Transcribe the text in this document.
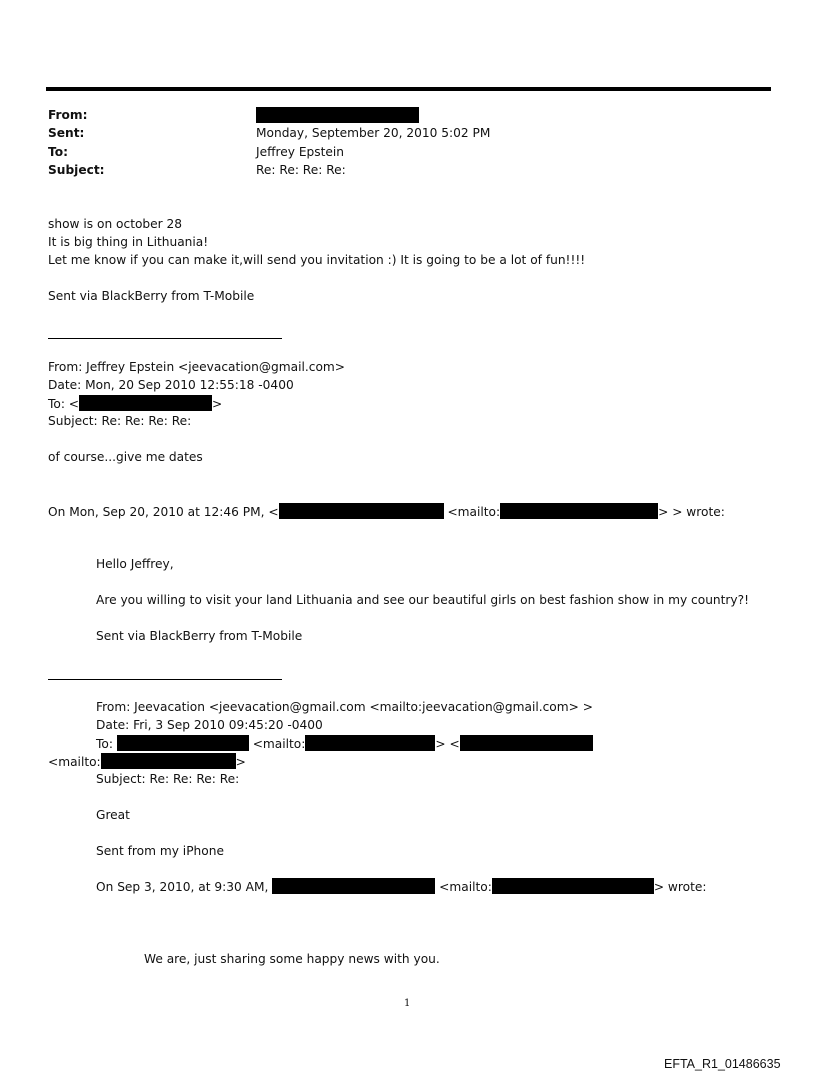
From:
Sent:	Monday, September 20, 2010 5:02 PM
To:	Jeffrey Epstein
Subject:	Re: Re: Re: Re:
show is on october 28
It is big thing in Lithuania!
Let me know if you can make it,will send you invitation :) It is going to be a lot of fun!!!!
Sent via BlackBerry from T-Mobile
From: Jeffrey Epstein <jeevacation@gmail.com>
Date: Mon, 20 Sep 2010 12:55:18 -0400
To: <	>
Subject: Re: Re: Re: Re:
of course...give me dates
On Mon, Sep 20, 2010 at 12:46 PM, <	<mailto:	> > wrote:
Hello Jeffrey,
Are you willing to visit your land Lithuania and see our beautiful girls on best fashion show in my country?!
Sent via BlackBerry from T-Mobile
From: Jeevacation <jeevacation@gmail.com <mailto:jeevacation@gmail.com> >
Date: Fri, 3 Sep 2010 09:45:20 -0400
To:	<mailto:	> <
<mailto:	>
Subject: Re: Re: Re: Re:
Great
Sent from my iPhone
On Sep 3, 2010, at 9:30 AM,	<mailto:	> wrote:
We are, just sharing some happy news with you.
1
EFTA_R1_01486635
